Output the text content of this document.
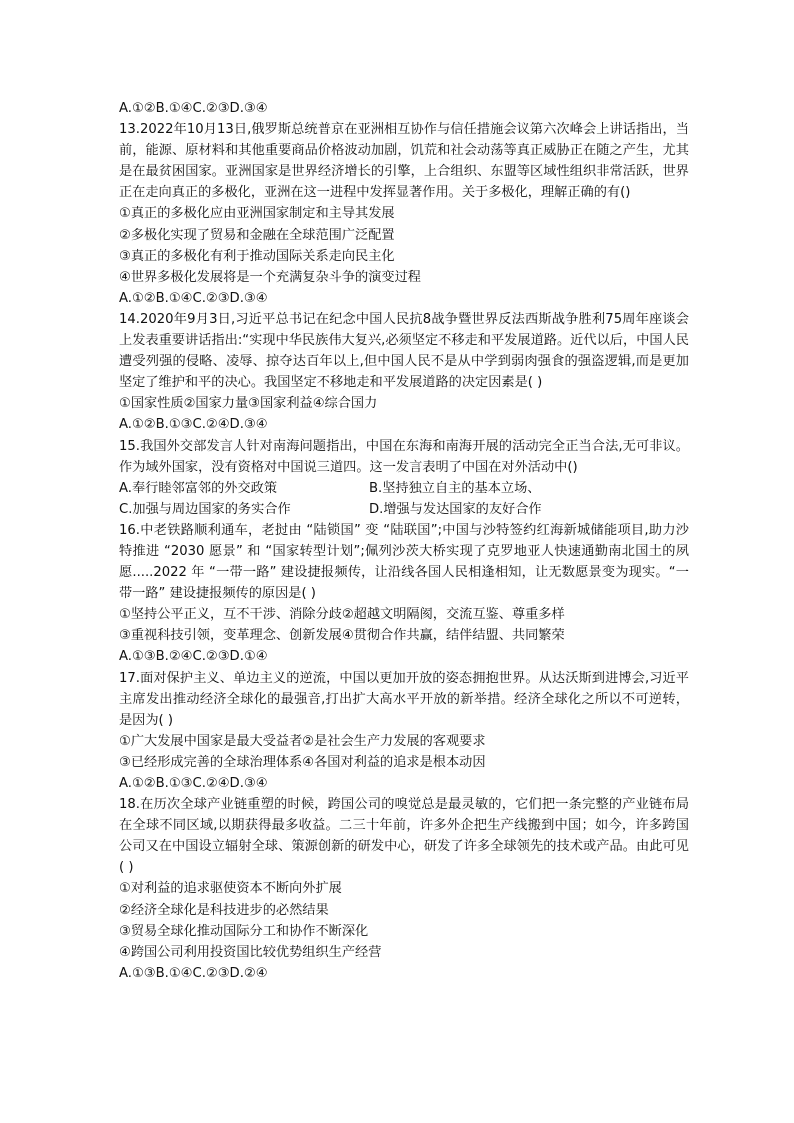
A.①②B.①④C.②③D.③④
13.2022年10月13日,俄罗斯总统普京在亚洲相互协作与信任措施会议第六次峰会上讲话指出，当前，能源、原材料和其他重要商品价格波动加剧，饥荒和社会动荡等真正威胁正在随之产生，尤其是在最贫困国家。亚洲国家是世界经济增长的引擎，上合组织、东盟等区域性组织非常活跃，世界正在走向真正的多极化，亚洲在这一进程中发挥显著作用。关于多极化，理解正确的有()
①真正的多极化应由亚洲国家制定和主导其发展
②多极化实现了贸易和金融在全球范围广泛配置
③真正的多极化有利于推动国际关系走向民主化
④世界多极化发展将是一个充满复杂斗争的演变过程
A.①②B.①④C.②③D.③④
14.2020年9月3日,习近平总书记在纪念中国人民抗8战争暨世界反法西斯战争胜利75周年座谈会上发表重要讲话指出:“实现中华民族伟大复兴,必须坚定不移走和平发展道路。近代以后，中国人民遭受列强的侵略、凌辱、掠夺达百年以上,但中国人民不是从中学到弱肉强食的强盗逻辑,而是更加坚定了维护和平的决心。我国坚定不移地走和平发展道路的决定因素是( )
①国家性质②国家力量③国家利益④综合国力
A.①②B.①③C.②④D.③④
15.我国外交部发言人针对南海问题指出，中国在东海和南海开展的活动完全正当合法,无可非议。作为域外国家，没有资格对中国说三道四。这一发言表明了中国在对外活动中()
A.奉行睦邻富邻的外交政策	B.坚持独立自主的基本立场、
C.加强与周边国家的务实合作	D.增强与发达国家的友好合作
16.中老铁路顺利通车，老挝由 “陆锁国” 变 “陆联国”;中国与沙特签约红海新城储能项目,助力沙特推进 “2030 愿景” 和 “国家转型计划”;佩列沙茨大桥实现了克罗地亚人快速通勤南北国土的夙愿.....2022 年 “一带一路” 建设捷报频传，让沿线各国人民相逢相知，让无数愿景变为现实。“一带一路” 建设捷报频传的原因是( )
①坚持公平正义，互不干涉、消除分歧②超越文明隔阂，交流互鉴、尊重多样
③重视科技引领，变革理念、创新发展④贯彻合作共赢，结伴结盟、共同繁荣
A.①③B.②④C.②③D.①④
17.面对保护主义、单边主义的逆流，中国以更加开放的姿态拥抱世界。从达沃斯到进博会,习近平主席发出推动经济全球化的最强音,打出扩大高水平开放的新举措。经济全球化之所以不可逆转，是因为( )
①广大发展中国家是最大受益者②是社会生产力发展的客观要求
③已经形成完善的全球治理体系④各国对利益的追求是根本动因
A.①②B.①③C.②④D.③④
18.在历次全球产业链重塑的时候，跨国公司的嗅觉总是最灵敏的，它们把一条完整的产业链布局在全球不同区域,以期获得最多收益。二三十年前，许多外企把生产线搬到中国；如今，许多跨国公司又在中国设立辐射全球、策源创新的研发中心，研发了许多全球领先的技术或产品。由此可见( )
①对利益的追求驱使资本不断向外扩展
②经济全球化是科技进步的必然结果
③贸易全球化推动国际分工和协作不断深化
④跨国公司利用投资国比较优势组织生产经营
A.①③B.①④C.②③D.②④
